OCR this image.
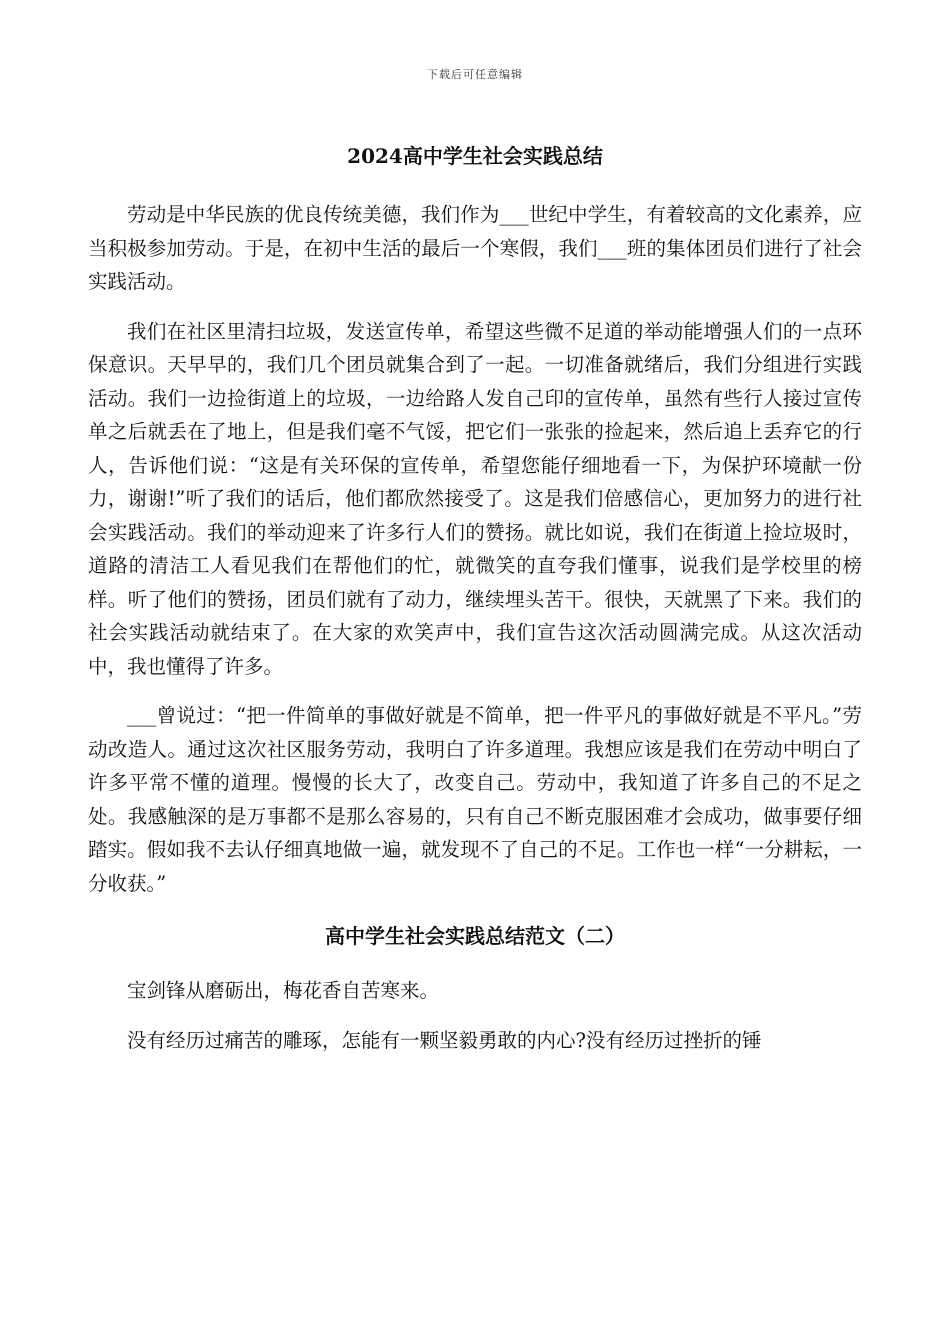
下载后可任意编辑
2024高中学生社会实践总结

劳动是中华民族的优良传统美德，我们作为___世纪中学生，有着较高的文化素养，应当积极参加劳动。于是，在初中生活的最后一个寒假，我们___班的集体团员们进行了社会实践活动。

我们在社区里清扫垃圾，发送宣传单，希望这些微不足道的举动能增强人们的一点环保意识。天早早的，我们几个团员就集合到了一起。一切准备就绪后，我们分组进行实践活动。我们一边捡街道上的垃圾，一边给路人发自己印的宣传单，虽然有些行人接过宣传单之后就丢在了地上，但是我们毫不气馁，把它们一张张的捡起来，然后追上丢弃它的行人，告诉他们说：“这是有关环保的宣传单，希望您能仔细地看一下，为保护环境献一份力，谢谢!”听了我们的话后，他们都欣然接受了。这是我们倍感信心，更加努力的进行社会实践活动。我们的举动迎来了许多行人们的赞扬。就比如说，我们在街道上捡垃圾时，道路的清洁工人看见我们在帮他们的忙，就微笑的直夸我们懂事，说我们是学校里的榜样。听了他们的赞扬，团员们就有了动力，继续埋头苦干。很快，天就黑了下来。我们的社会实践活动就结束了。在大家的欢笑声中，我们宣告这次活动圆满完成。从这次活动中，我也懂得了许多。

___曾说过：“把一件简单的事做好就是不简单，把一件平凡的事做好就是不平凡。”劳动改造人。通过这次社区服务劳动，我明白了许多道理。我想应该是我们在劳动中明白了许多平常不懂的道理。慢慢的长大了，改变自己。劳动中，我知道了许多自己的不足之处。我感触深的是万事都不是那么容易的，只有自己不断克服困难才会成功，做事要仔细踏实。假如我不去认仔细真地做一遍，就发现不了自己的不足。工作也一样“一分耕耘，一分收获。”

高中学生社会实践总结范文（二）

宝剑锋从磨砺出，梅花香自苦寒来。

没有经历过痛苦的雕琢，怎能有一颗坚毅勇敢的内心?没有经历过挫折的锤
